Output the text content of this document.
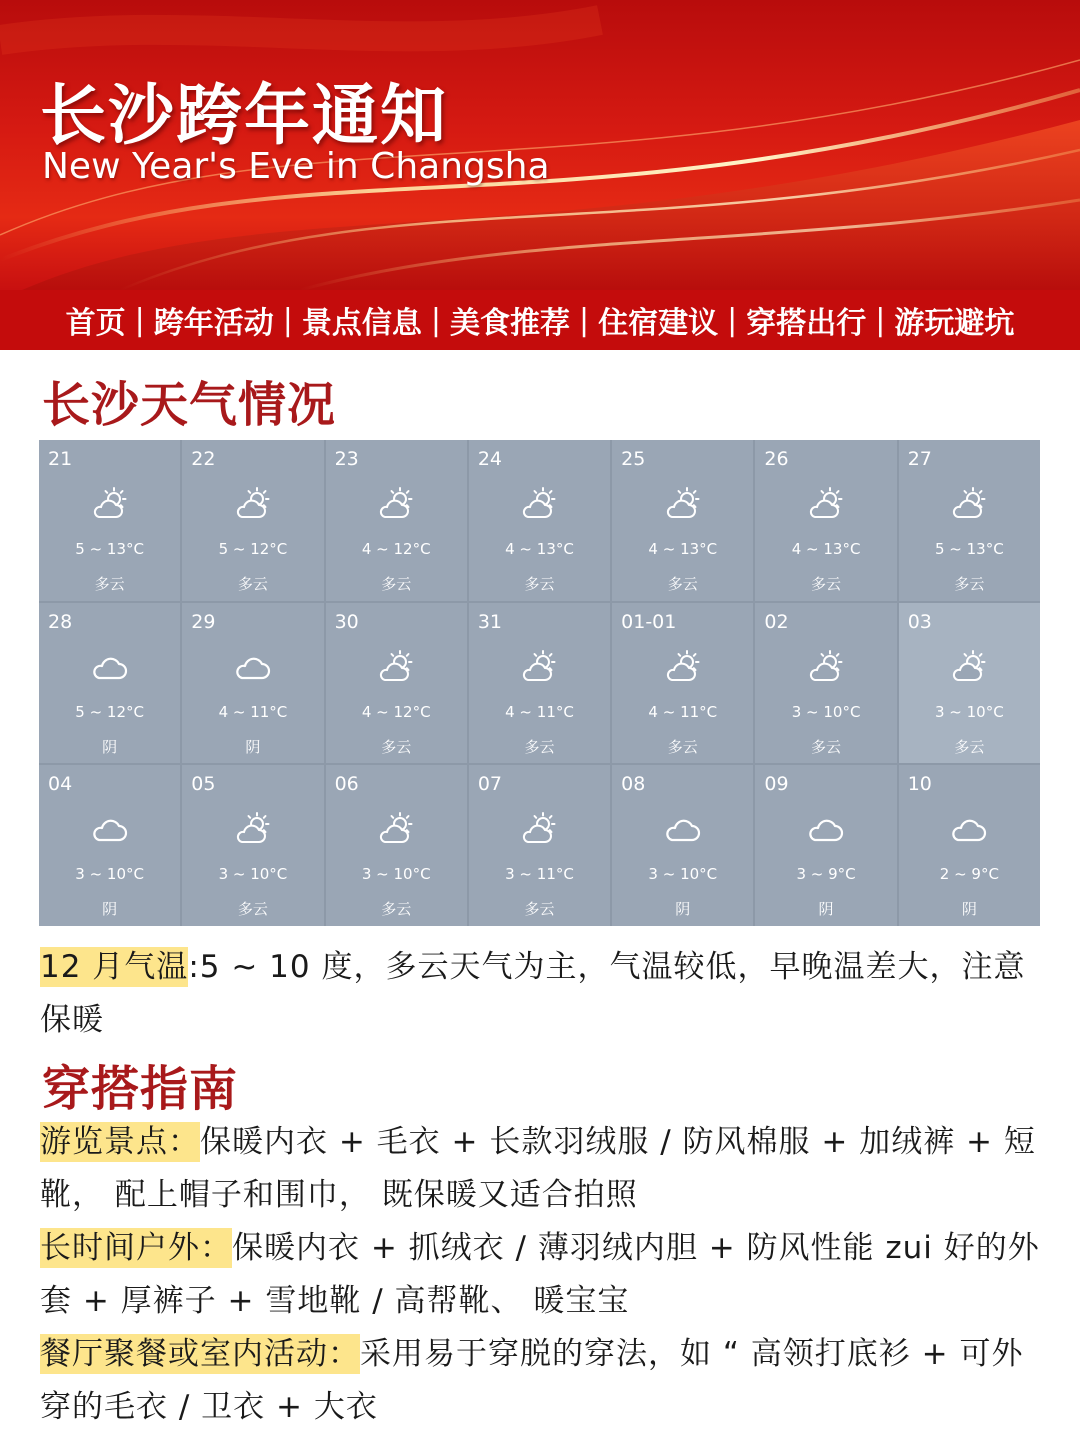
长沙跨年通知
New Year's Eve in Changsha
首页 | 跨年活动 | 景点信息 | 美食推荐 | 住宿建议 | 穿搭出行 | 游玩避坑
长沙天气情况
21
5 ~ 13°C
多云
22
5 ~ 12°C
多云
23
4 ~ 12°C
多云
24
4 ~ 13°C
多云
25
4 ~ 13°C
多云
26
4 ~ 13°C
多云
27
5 ~ 13°C
多云
28
5 ~ 12°C
阴
29
4 ~ 11°C
阴
30
4 ~ 12°C
多云
31
4 ~ 11°C
多云
01-01
4 ~ 11°C
多云
02
3 ~ 10°C
多云
03
3 ~ 10°C
多云
04
3 ~ 10°C
阴
05
3 ~ 10°C
多云
06
3 ~ 10°C
多云
07
3 ~ 11°C
多云
08
3 ~ 10°C
阴
09
3 ~ 9°C
阴
10
2 ~ 9°C
阴

12 月气温:5 ~ 10 度，多云天气为主，气温较低，早晚温差大，注意保暖

穿搭指南

游览景点：保暖内衣 + 毛衣 + 长款羽绒服 / 防风棉服 + 加绒裤 + 短靴， 配上帽子和围巾， 既保暖又适合拍照

长时间户外：保暖内衣 + 抓绒衣 / 薄羽绒内胆 + 防风性能 zui 好的外套 + 厚裤子 + 雪地靴 / 高帮靴、 暖宝宝

餐厅聚餐或室内活动：采用易于穿脱的穿法，如 “ 高领打底衫 + 可外穿的毛衣 / 卫衣 + 大衣
